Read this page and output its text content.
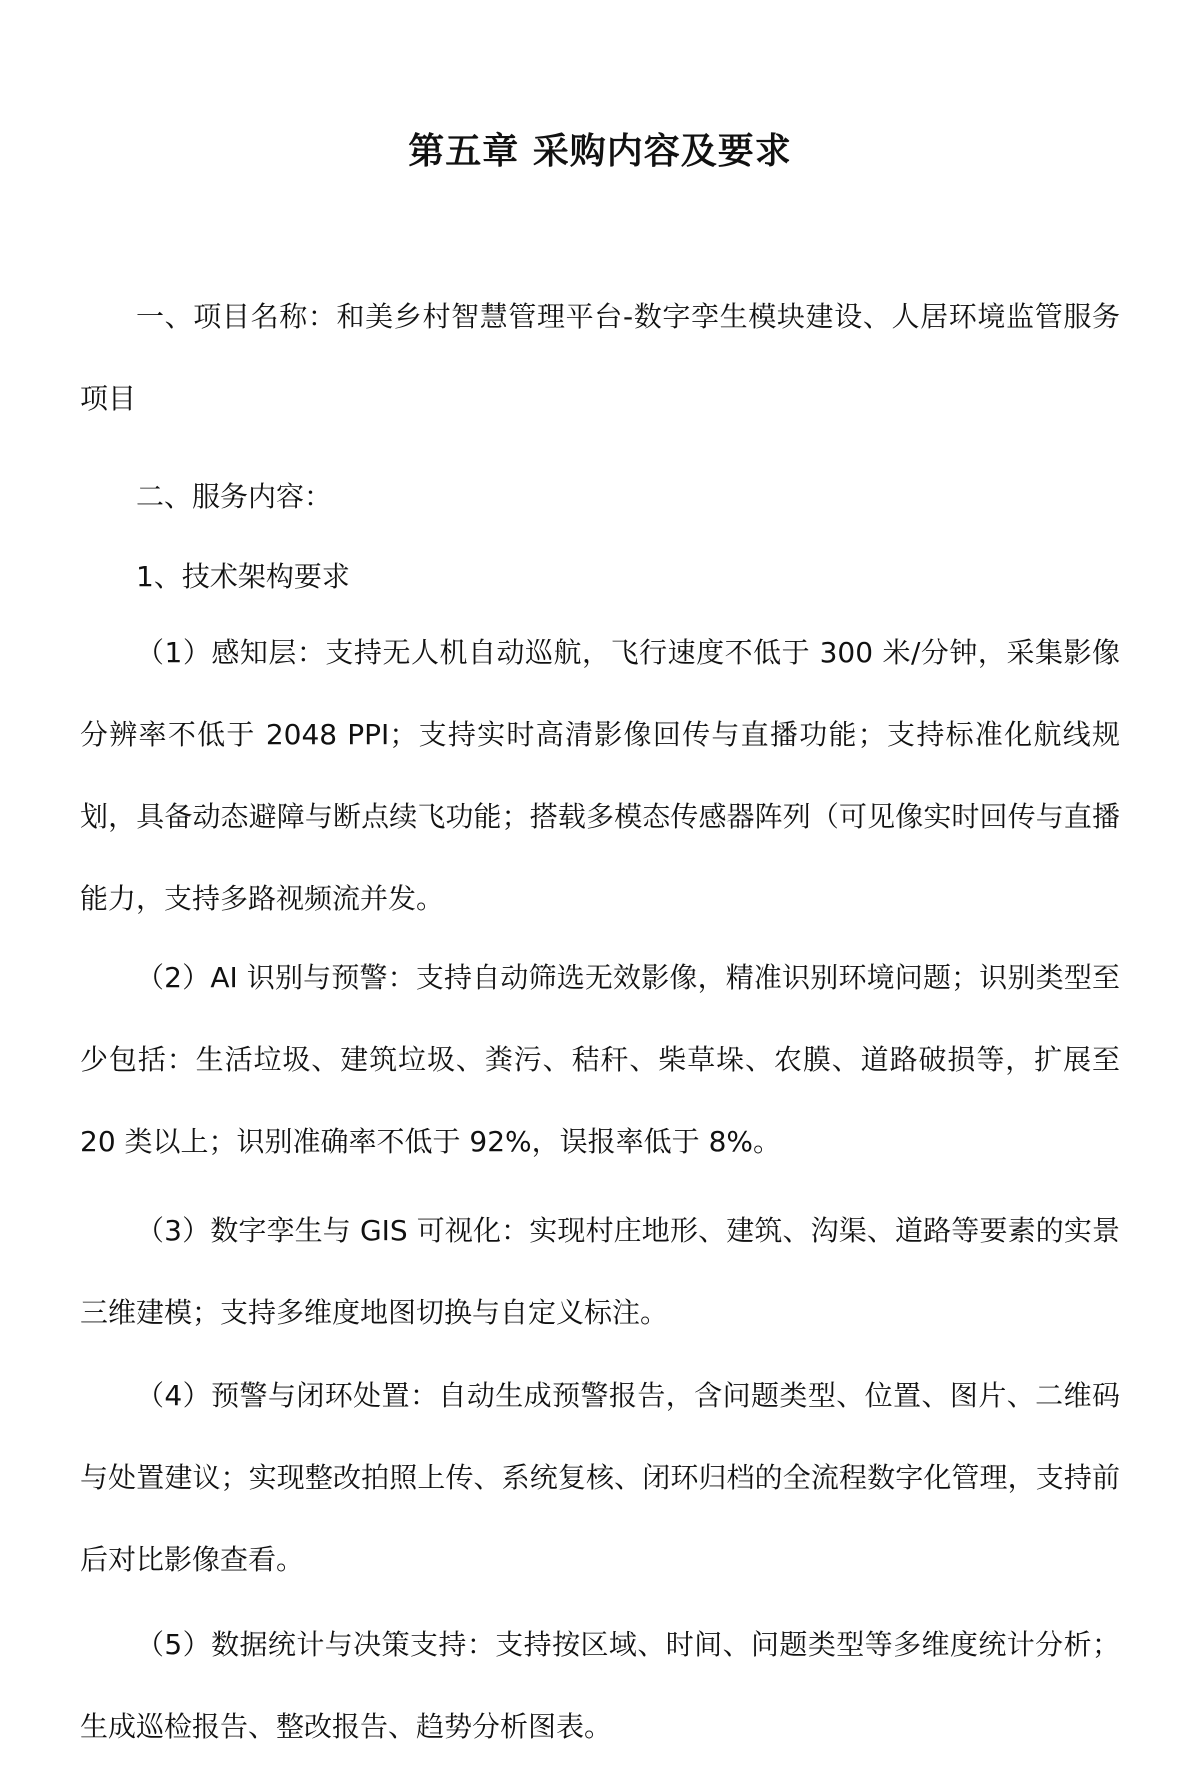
第五章 采购内容及要求

一、项目名称：和美乡村智慧管理平台-数字孪生模块建设、人居环境监管服务项目

二、服务内容：

1、技术架构要求

（1）感知层：支持无人机自动巡航，飞行速度不低于 300 米/分钟，采集影像分辨率不低于 2048 PPI；支持实时高清影像回传与直播功能；支持标准化航线规划，具备动态避障与断点续飞功能；搭载多模态传感器阵列（可见像实时回传与直播能力，支持多路视频流并发。

（2）AI 识别与预警：支持自动筛选无效影像，精准识别环境问题；识别类型至少包括：生活垃圾、建筑垃圾、粪污、秸秆、柴草垛、农膜、道路破损等，扩展至 20 类以上；识别准确率不低于 92%，误报率低于 8%。

（3）数字孪生与 GIS 可视化：实现村庄地形、建筑、沟渠、道路等要素的实景三维建模；支持多维度地图切换与自定义标注。

（4）预警与闭环处置：自动生成预警报告，含问题类型、位置、图片、二维码与处置建议；实现整改拍照上传、系统复核、闭环归档的全流程数字化管理，支持前后对比影像查看。

（5）数据统计与决策支持：支持按区域、时间、问题类型等多维度统计分析；生成巡检报告、整改报告、趋势分析图表。
